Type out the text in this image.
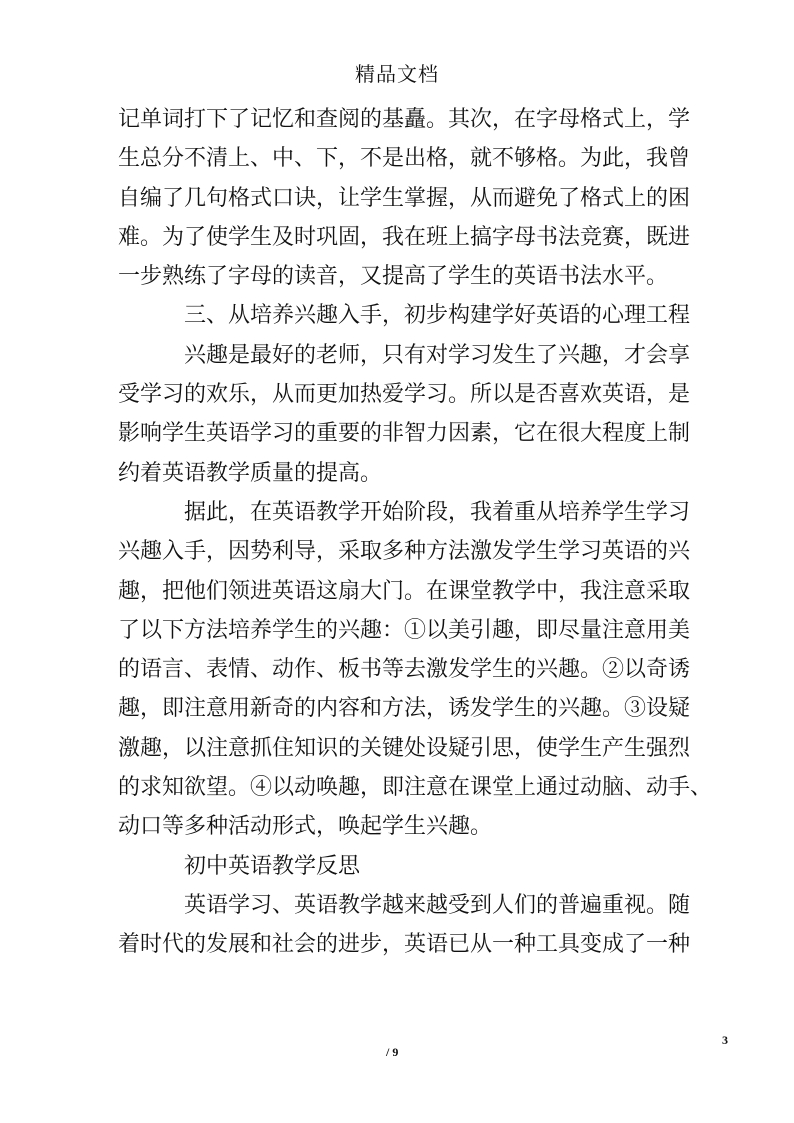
精品文档
记单词打下了记忆和查阅的基矗。其次，在字母格式上，学
生总分不清上、中、下，不是出格，就不够格。为此，我曾
自编了几句格式口诀，让学生掌握，从而避免了格式上的困
难。为了使学生及时巩固，我在班上搞字母书法竞赛，既进
一步熟练了字母的读音，又提高了学生的英语书法水平。
三、从培养兴趣入手，初步构建学好英语的心理工程
兴趣是最好的老师，只有对学习发生了兴趣，才会享
受学习的欢乐，从而更加热爱学习。所以是否喜欢英语，是
影响学生英语学习的重要的非智力因素，它在很大程度上制
约着英语教学质量的提高。
据此，在英语教学开始阶段，我着重从培养学生学习
兴趣入手，因势利导，采取多种方法激发学生学习英语的兴
趣，把他们领进英语这扇大门。在课堂教学中，我注意采取
了以下方法培养学生的兴趣：①以美引趣，即尽量注意用美
的语言、表情、动作、板书等去激发学生的兴趣。②以奇诱
趣，即注意用新奇的内容和方法，诱发学生的兴趣。③设疑
激趣，以注意抓住知识的关键处设疑引思，使学生产生强烈
的求知欲望。④以动唤趣，即注意在课堂上通过动脑、动手、
动口等多种活动形式，唤起学生兴趣。
初中英语教学反思
英语学习、英语教学越来越受到人们的普遍重视。随
着时代的发展和社会的进步，英语已从一种工具变成了一种
3
/ 9
